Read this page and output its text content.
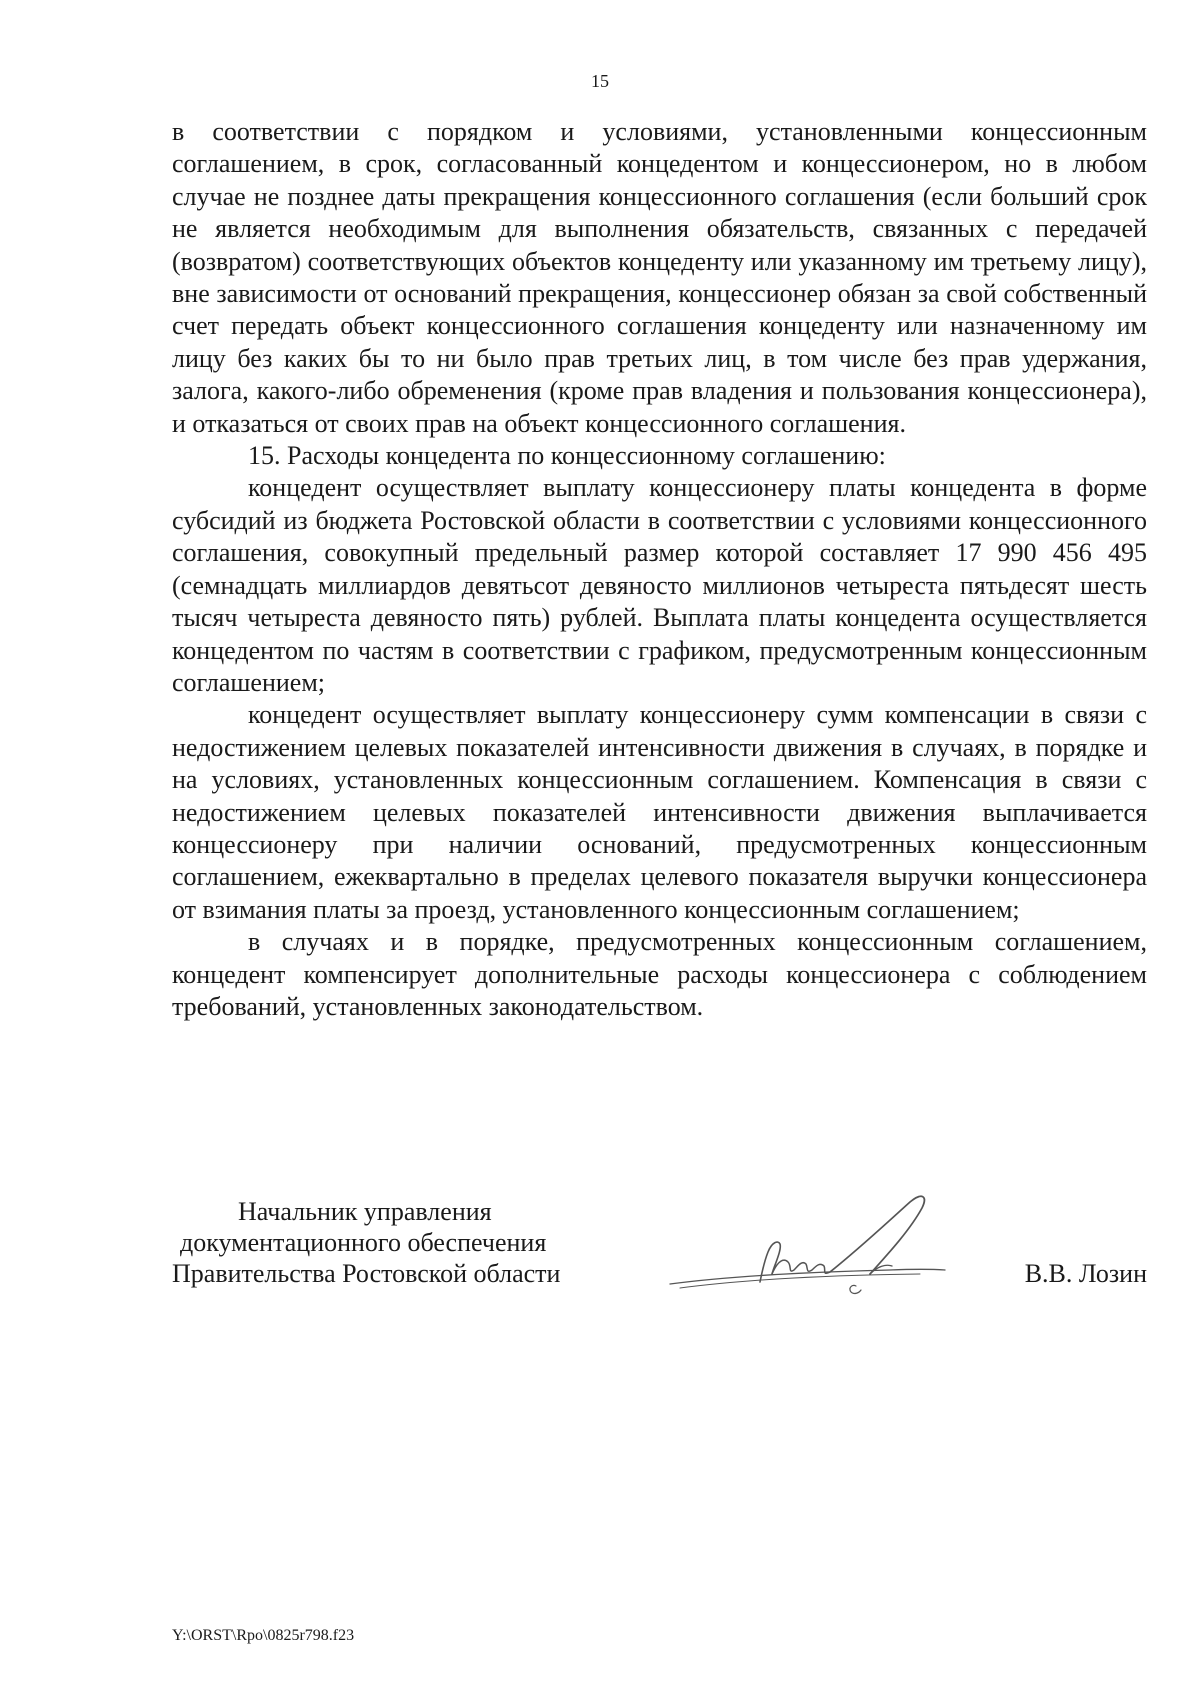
15

в соответствии с порядком и условиями, установленными концессионным соглашением, в срок, согласованный концедентом и концессионером, но в любом случае не позднее даты прекращения концессионного соглашения (если больший срок не является необходимым для выполнения обязательств, связанных с передачей (возвратом) соответствующих объектов концеденту или указанному им третьему лицу), вне зависимости от оснований прекращения, концессионер обязан за свой собственный счет передать объект концессионного соглашения концеденту или назначенному им лицу без каких бы то ни было прав третьих лиц, в том числе без прав удержания, залога, какого-либо обременения (кроме прав владения и пользования концессионера), и отказаться от своих прав на объект концессионного соглашения.

15. Расходы концедента по концессионному соглашению:

концедент осуществляет выплату концессионеру платы концедента в форме субсидий из бюджета Ростовской области в соответствии с условиями концессионного соглашения, совокупный предельный размер которой составляет 17 990 456 495 (семнадцать миллиардов девятьсот девяносто миллионов четыреста пятьдесят шесть тысяч четыреста девяносто пять) рублей. Выплата платы концедента осуществляется концедентом по частям в соответствии с графиком, предусмотренным концессионным соглашением;

концедент осуществляет выплату концессионеру сумм компенсации в связи с недостижением целевых показателей интенсивности движения в случаях, в порядке и на условиях, установленных концессионным соглашением. Компенсация в связи с недостижением целевых показателей интенсивности движения выплачивается концессионеру при наличии оснований, предусмотренных концессионным соглашением, ежеквартально в пределах целевого показателя выручки концессионера от взимания платы за проезд, установленного концессионным соглашением;

в случаях и в порядке, предусмотренных концессионным соглашением, концедент компенсирует дополнительные расходы концессионера с соблюдением требований, установленных законодательством.

Начальник управления
документационного обеспечения
Правительства Ростовской области	В.В. Лозин
Y:\ORST\Rpo\0825r798.f23
